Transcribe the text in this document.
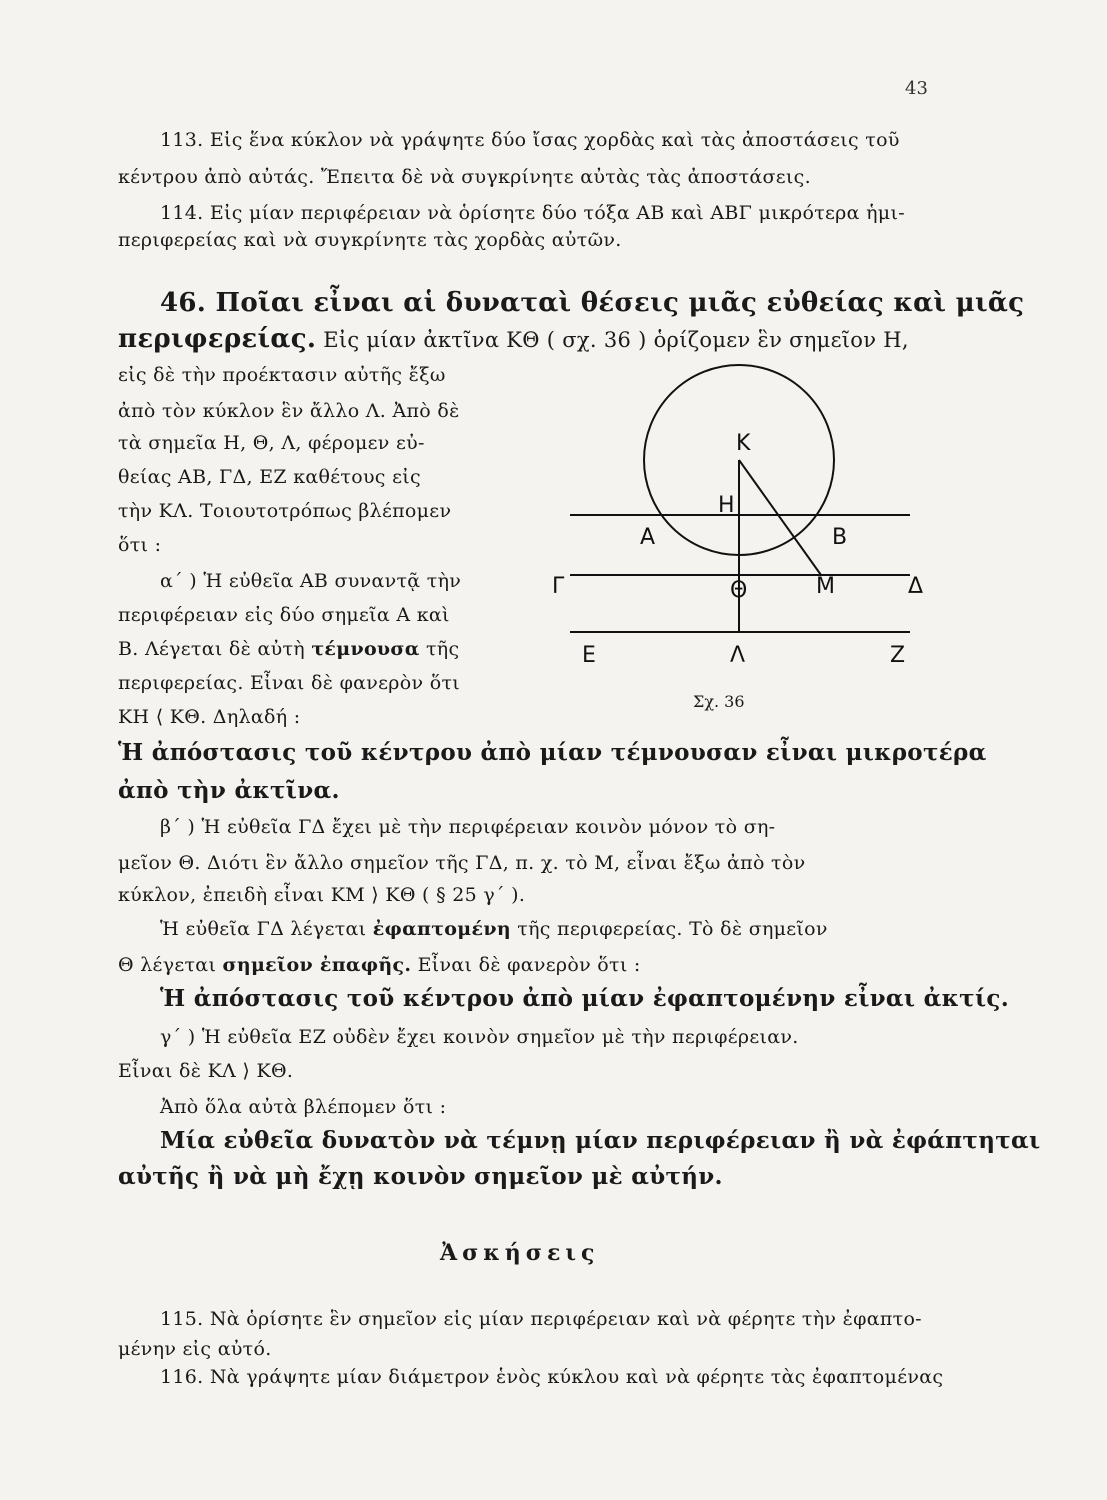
43
113. Εἰς ἕνα κύκλον νὰ γράψητε δύο ἴσας χορδὰς καὶ τὰς ἀποστάσεις τοῦ
κέντρου ἀπὸ αὐτάς. Ἔπειτα δὲ νὰ συγκρίνητε αὐτὰς τὰς ἀποστάσεις.
114. Εἰς μίαν περιφέρειαν νὰ ὁρίσητε δύο τόξα ΑΒ καὶ ΑΒΓ μικρότερα ἡμι-
περιφερείας καὶ νὰ συγκρίνητε τὰς χορδὰς αὐτῶν.
46. Ποῖαι εἶναι αἱ δυναταὶ θέσεις μιᾶς εὐθείας καὶ μιᾶς
περιφερείας. Εἰς μίαν ἀκτῖνα ΚΘ ( σχ. 36 ) ὁρίζομεν ἓν σημεῖον Η,
εἰς δὲ τὴν προέκτασιν αὐτῆς ἔξω
ἀπὸ τὸν κύκλον ἓν ἄλλο Λ. Ἀπὸ δὲ
τὰ σημεῖα Η, Θ, Λ, φέρομεν εὐ-
θείας ΑΒ, ΓΔ, ΕΖ καθέτους εἰς
τὴν ΚΛ. Τοιουτοτρόπως βλέπομεν
ὅτι :
α΄ ) Ἡ εὐθεῖα ΑΒ συναντᾷ τὴν
περιφέρειαν εἰς δύο σημεῖα Α καὶ
Β. Λέγεται δὲ αὐτὴ τέμνουσα τῆς
περιφερείας. Εἶναι δὲ φανερὸν ὅτι
ΚΗ ⟨ ΚΘ. Δηλαδή :
K
H
A	B
Γ	Θ	M	Δ
E	Λ	Z
Σχ. 36
Ἡ ἀπόστασις τοῦ κέντρου ἀπὸ μίαν τέμνουσαν εἶναι μικροτέρα
ἀπὸ τὴν ἀκτῖνα.
β΄ ) Ἡ εὐθεῖα ΓΔ ἔχει μὲ τὴν περιφέρειαν κοινὸν μόνον τὸ ση-
μεῖον Θ. Διότι ἓν ἄλλο σημεῖον τῆς ΓΔ, π. χ. τὸ Μ, εἶναι ἔξω ἀπὸ τὸν
κύκλον, ἐπειδὴ εἶναι ΚΜ ⟩ ΚΘ ( § 25 γ΄ ).
Ἡ εὐθεῖα ΓΔ λέγεται ἐφαπτομένη τῆς περιφερείας. Τὸ δὲ σημεῖον
Θ λέγεται σημεῖον ἐπαφῆς. Εἶναι δὲ φανερὸν ὅτι :
Ἡ ἀπόστασις τοῦ κέντρου ἀπὸ μίαν ἐφαπτομένην εἶναι ἀκτίς.
γ΄ ) Ἡ εὐθεῖα ΕΖ οὐδὲν ἔχει κοινὸν σημεῖον μὲ τὴν περιφέρειαν.
Εἶναι δὲ ΚΛ ⟩ ΚΘ.
Ἀπὸ ὅλα αὐτὰ βλέπομεν ὅτι :
Μία εὐθεῖα δυνατὸν νὰ τέμνῃ μίαν περιφέρειαν ἢ νὰ ἐφάπτηται
αὐτῆς ἢ νὰ μὴ ἔχῃ κοινὸν σημεῖον μὲ αὐτήν.
Ἀσκήσεις
115. Νὰ ὁρίσητε ἓν σημεῖον εἰς μίαν περιφέρειαν καὶ νὰ φέρητε τὴν ἐφαπτο-
μένην εἰς αὐτό.
116. Νὰ γράψητε μίαν διάμετρον ἑνὸς κύκλου καὶ νὰ φέρητε τὰς ἐφαπτομένας
